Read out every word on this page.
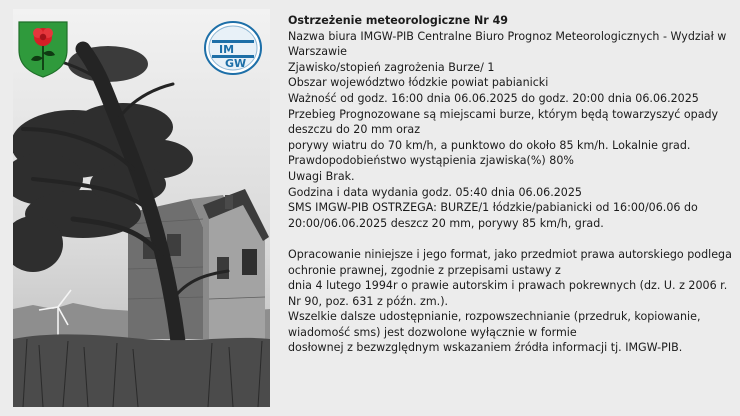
IM
GW

Ostrzeżenie meteorologiczne Nr 49

Nazwa biura IMGW-PIB Centralne Biuro Prognoz Meteorologicznych - Wydział w Warszawie

Zjawisko/stopień zagrożenia Burze/ 1

Obszar województwo łódzkie powiat pabianicki

Ważność od godz. 16:00 dnia 06.06.2025 do godz. 20:00 dnia 06.06.2025

Przebieg Prognozowane są miejscami burze, którym będą towarzyszyć opady deszczu do 20 mm oraz

porywy wiatru do 70 km/h, a punktowo do około 85 km/h. Lokalnie grad.

Prawdopodobieństwo wystąpienia zjawiska(%) 80%

Uwagi Brak.

Godzina i data wydania godz. 05:40 dnia 06.06.2025

SMS IMGW-PIB OSTRZEGA: BURZE/1 łódzkie/pabianicki od 16:00/06.06 do 20:00/06.06.2025 deszcz 20 mm, porywy 85 km/h, grad.

Opracowanie niniejsze i jego format, jako przedmiot prawa autorskiego podlega ochronie prawnej, zgodnie z przepisami ustawy z

dnia 4 lutego 1994r o prawie autorskim i prawach pokrewnych (dz. U. z 2006 r. Nr 90, poz. 631 z późn. zm.).

Wszelkie dalsze udostępnianie, rozpowszechnianie (przedruk, kopiowanie, wiadomość sms) jest dozwolone wyłącznie w formie

dosłownej z bezwzględnym wskazaniem źródła informacji tj. IMGW-PIB.
